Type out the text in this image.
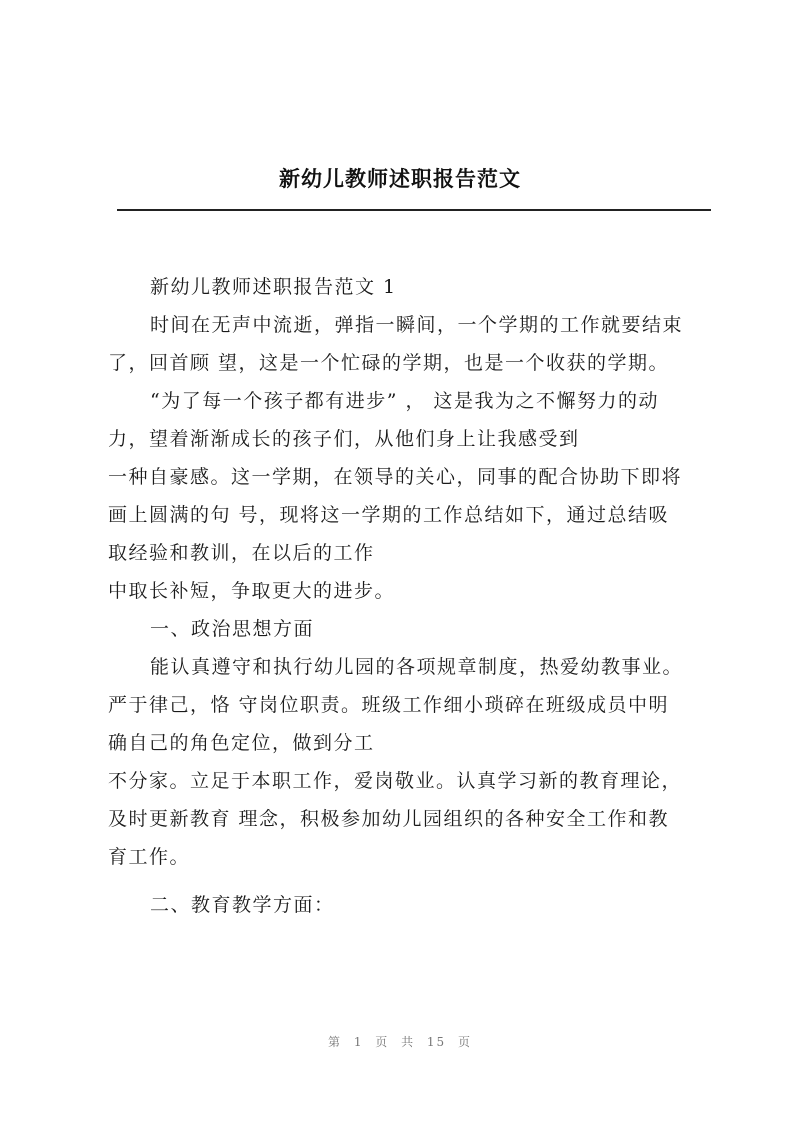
新幼儿教师述职报告范文
新幼儿教师述职报告范文 1
时间在无声中流逝，弹指一瞬间，一个学期的工作就要结束
了，回首顾 望，这是一个忙碌的学期，也是一个收获的学期。
“为了每一个孩子都有进步” ， 这是我为之不懈努力的动
力，望着渐渐成长的孩子们，从他们身上让我感受到
一种自豪感。这一学期，在领导的关心，同事的配合协助下即将
画上圆满的句 号，现将这一学期的工作总结如下，通过总结吸
取经验和教训，在以后的工作
中取长补短，争取更大的进步。
一、政治思想方面
能认真遵守和执行幼儿园的各项规章制度，热爱幼教事业。
严于律己，恪 守岗位职责。班级工作细小琐碎在班级成员中明
确自己的角色定位，做到分工
不分家。立足于本职工作，爱岗敬业。认真学习新的教育理论，
及时更新教育 理念，积极参加幼儿园组织的各种安全工作和教
育工作。
二、教育教学方面：
第 1 页 共 15 页
